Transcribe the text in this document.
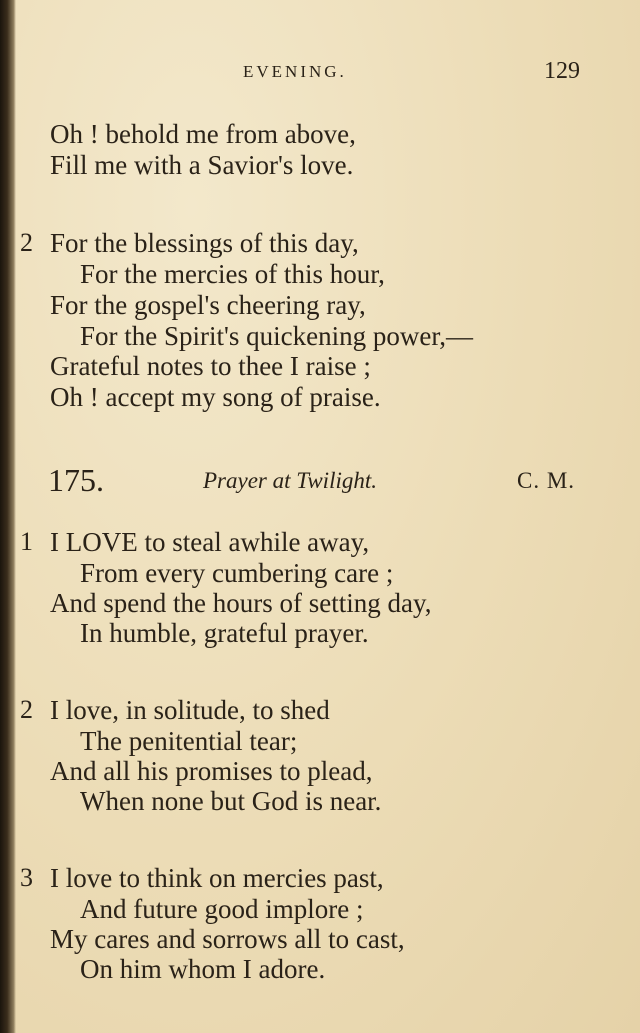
EVENING.	129
Oh ! behold me from above,
Fill me with a Savior's love.
2 For the blessings of this day,
For the mercies of this hour,
For the gospel's cheering ray,
For the Spirit's quickening power,—
Grateful notes to thee I raise ;
Oh ! accept my song of praise.
175.	Prayer at Twilight.	C. M.
1 I LOVE to steal awhile away,
From every cumbering care ;
And spend the hours of setting day,
In humble, grateful prayer.
2 I love, in solitude, to shed
The penitential tear;
And all his promises to plead,
When none but God is near.
3 I love to think on mercies past,
And future good implore ;
My cares and sorrows all to cast,
On him whom I adore.
